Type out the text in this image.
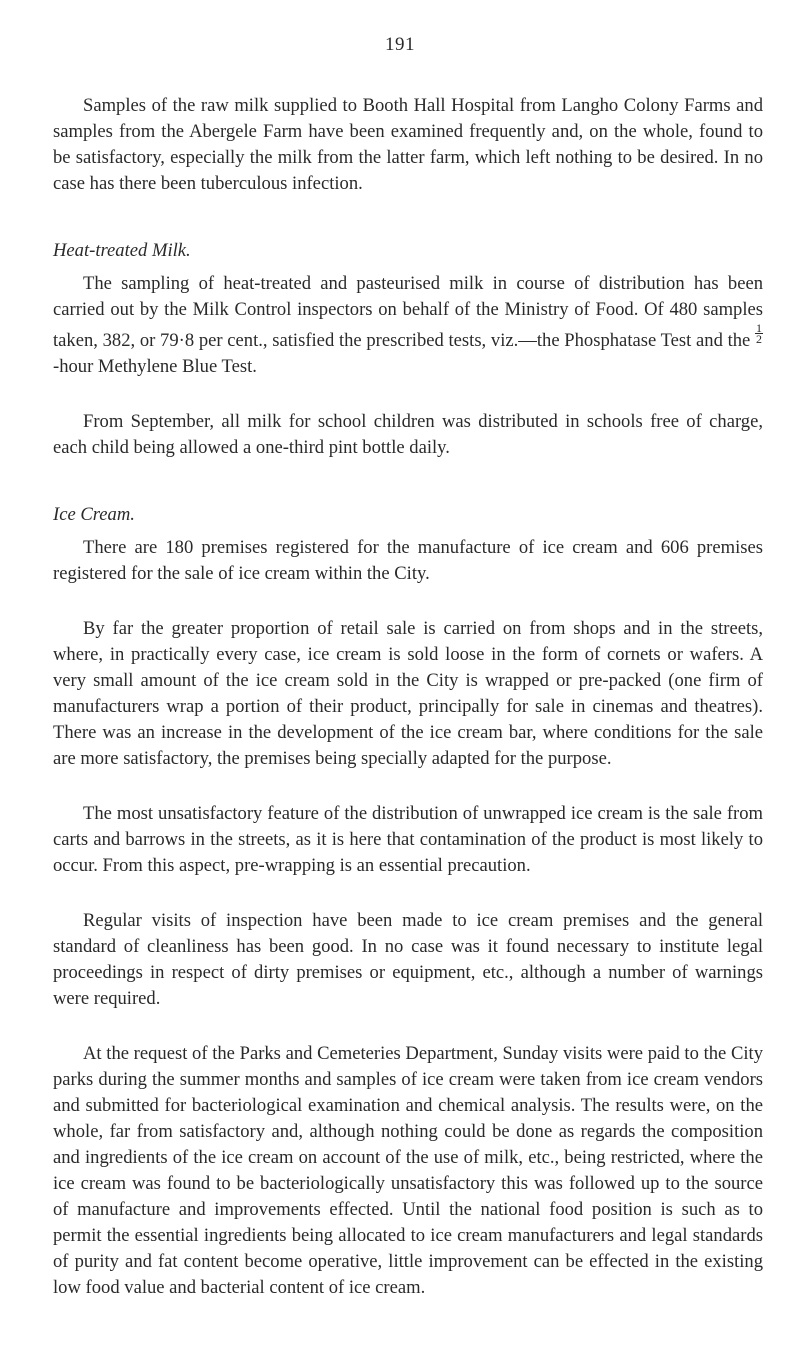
191

Samples of the raw milk supplied to Booth Hall Hospital from Langho Colony Farms and samples from the Abergele Farm have been examined frequently and, on the whole, found to be satisfactory, especially the milk from the latter farm, which left nothing to be desired. In no case has there been tuberculous infection.

Heat-treated Milk.

The sampling of heat-treated and pasteurised milk in course of distribution has been carried out by the Milk Control inspectors on behalf of the Ministry of Food. Of 480 samples taken, 382, or 79·8 per cent., satisfied the prescribed tests, viz.—the Phosphatase Test and the $\frac{1}{2}$
-hour Methylene Blue Test.

From September, all milk for school children was distributed in schools free of charge, each child being allowed a one-third pint bottle daily.

Ice Cream.

There are 180 premises registered for the manufacture of ice cream and 606 premises registered for the sale of ice cream within the City.

By far the greater proportion of retail sale is carried on from shops and in the streets, where, in practically every case, ice cream is sold loose in the form of cornets or wafers. A very small amount of the ice cream sold in the City is wrapped or pre-packed (one firm of manufacturers wrap a portion of their product, principally for sale in cinemas and theatres). There was an increase in the development of the ice cream bar, where conditions for the sale are more satisfactory, the premises being specially adapted for the purpose.

The most unsatisfactory feature of the distribution of unwrapped ice cream is the sale from carts and barrows in the streets, as it is here that contamination of the product is most likely to occur. From this aspect, pre-wrapping is an essential precaution.

Regular visits of inspection have been made to ice cream premises and the general standard of cleanliness has been good. In no case was it found necessary to institute legal proceedings in respect of dirty premises or equipment, etc., although a number of warnings were required.

At the request of the Parks and Cemeteries Department, Sunday visits were paid to the City parks during the summer months and samples of ice cream were taken from ice cream vendors and submitted for bacteriological examination and chemical analysis. The results were, on the whole, far from satisfactory and, although nothing could be done as regards the composition and ingredients of the ice cream on account of the use of milk, etc., being restricted, where the ice cream was found to be bacteriologically unsatisfactory this was followed up to the source of manufacture and improvements effected. Until the national food position is such as to permit the essential ingredients being allocated to ice cream manufacturers and legal standards of purity and fat content become operative, little improvement can be effected in the existing low food value and bacterial content of ice cream.
